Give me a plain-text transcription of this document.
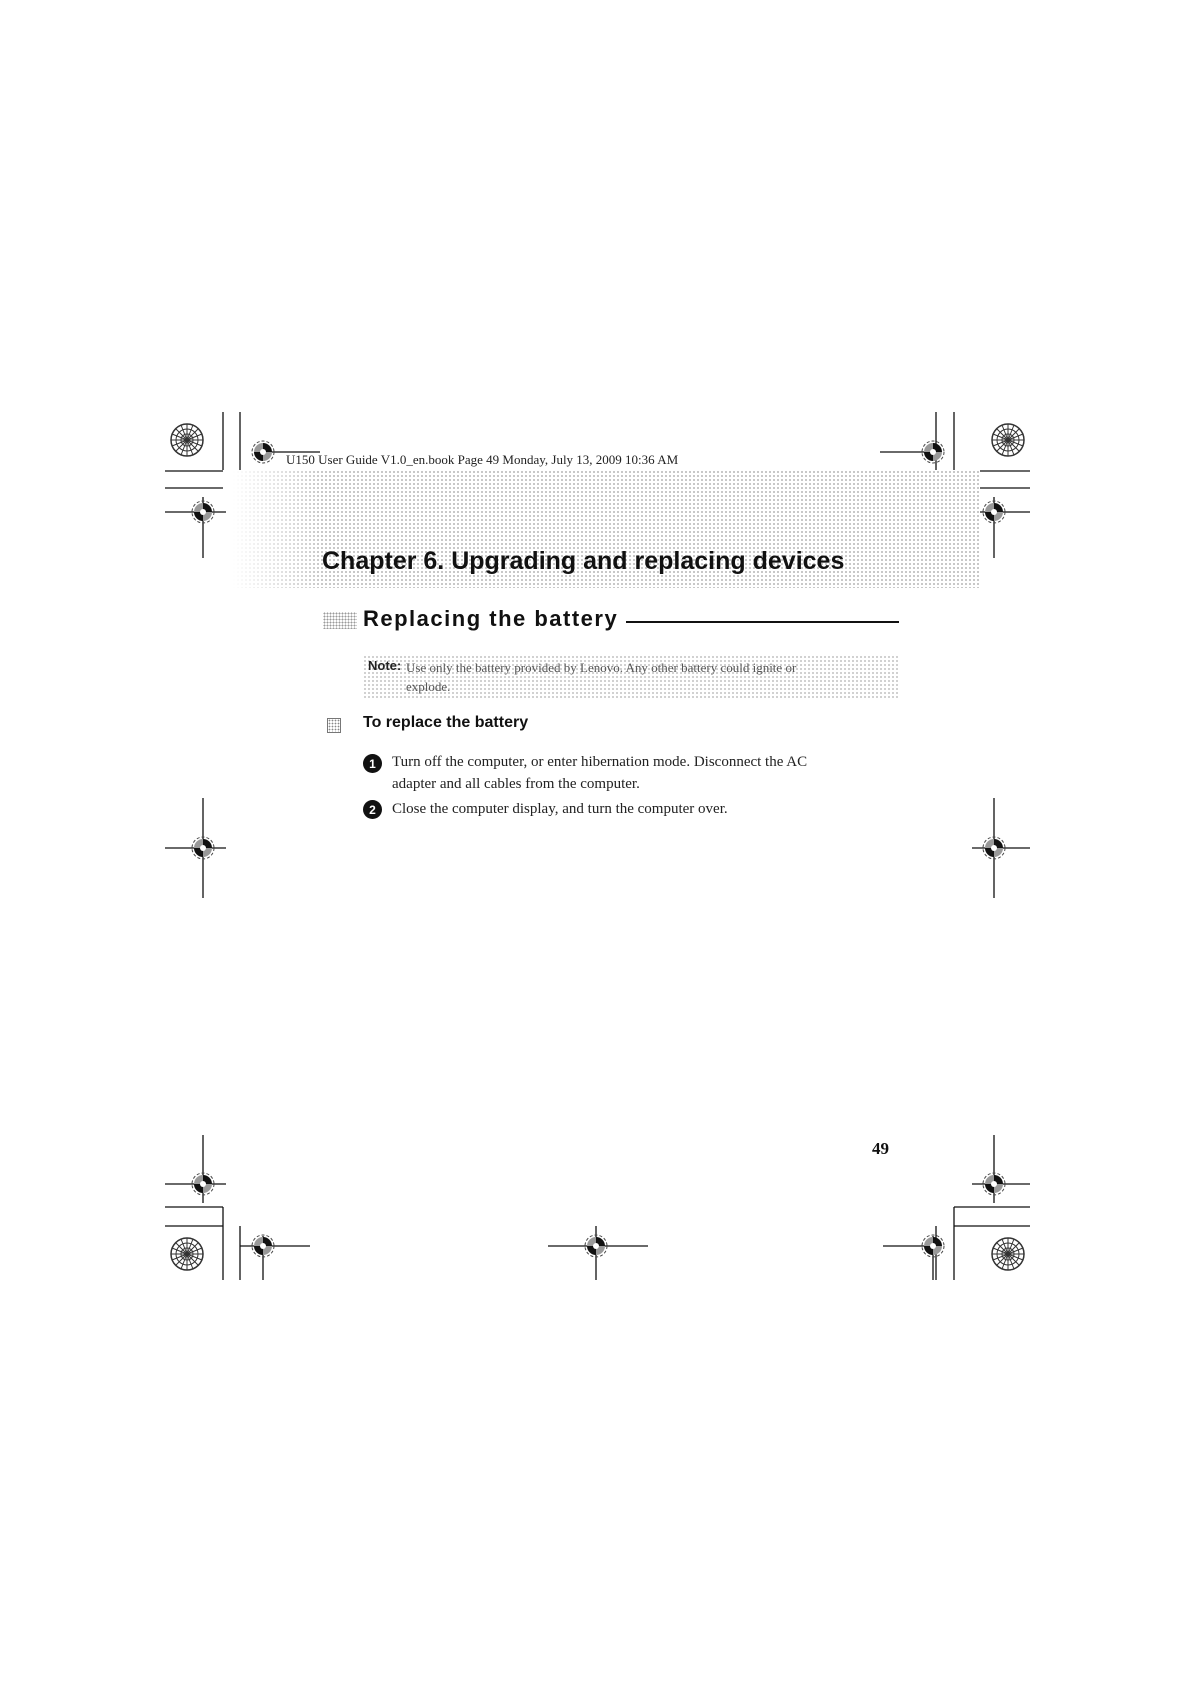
U150 User Guide V1.0_en.book Page 49 Monday, July 13, 2009 10:36 AM
Chapter 6. Upgrading and replacing devices
Replacing the battery
Note: Use only the battery provided by Lenovo. Any other battery could ignite or
explode.
To replace the battery
1	Turn off the computer, or enter hibernation mode. Disconnect the AC
adapter and all cables from the computer.
2	Close the computer display, and turn the computer over.
49
